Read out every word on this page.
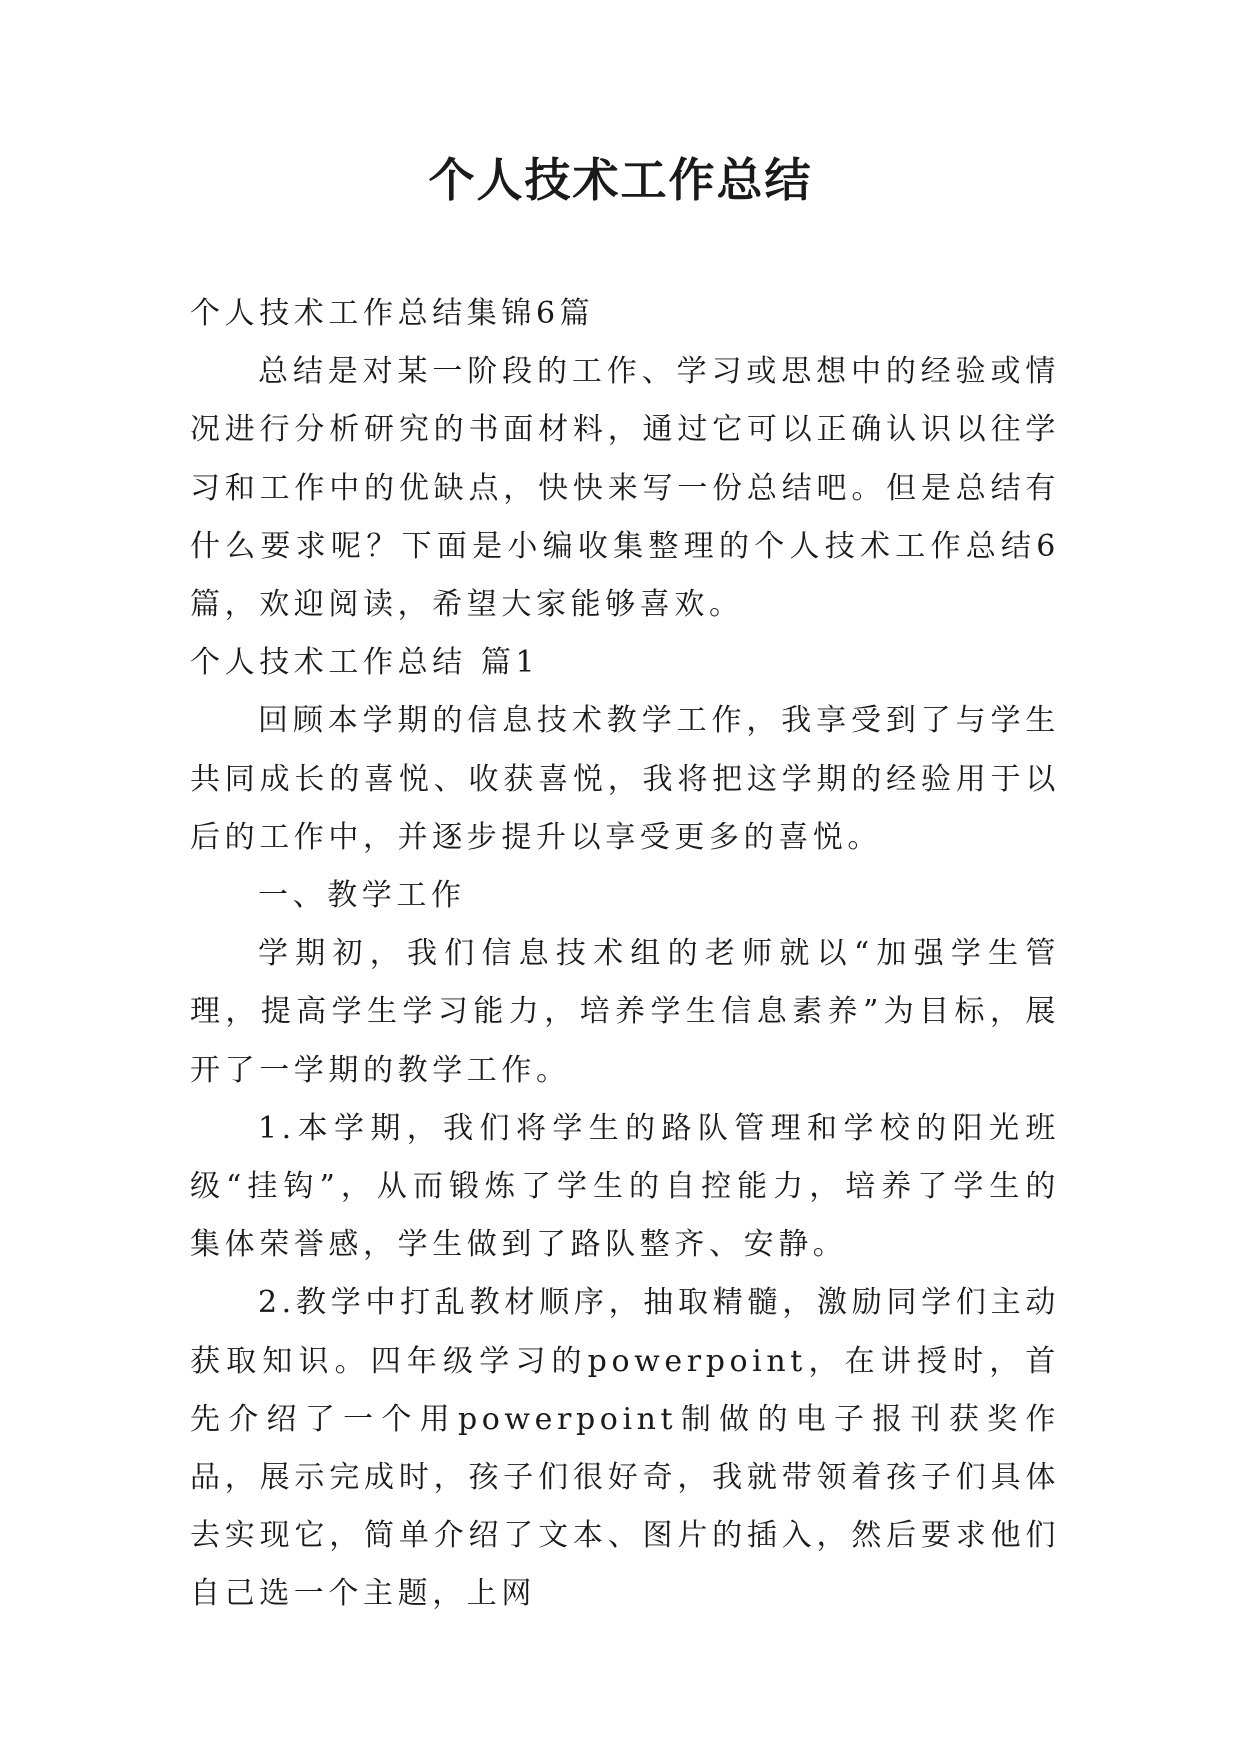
个人技术工作总结

个人技术工作总结集锦6篇

总结是对某一阶段的工作、学习或思想中的经验或情况进行分析研究的书面材料，通过它可以正确认识以往学习和工作中的优缺点，快快来写一份总结吧。但是总结有什么要求呢？下面是小编收集整理的个人技术工作总结6篇，欢迎阅读，希望大家能够喜欢。

个人技术工作总结 篇1

回顾本学期的信息技术教学工作，我享受到了与学生共同成长的喜悦、收获喜悦，我将把这学期的经验用于以后的工作中，并逐步提升以享受更多的喜悦。

一、教学工作

学期初，我们信息技术组的老师就以“加强学生管理，提高学生学习能力，培养学生信息素养”为目标，展开了一学期的教学工作。

1.本学期，我们将学生的路队管理和学校的阳光班级“挂钩”，从而锻炼了学生的自控能力，培养了学生的集体荣誉感，学生做到了路队整齐、安静。

2.教学中打乱教材顺序，抽取精髓，激励同学们主动获取知识。四年级学习的powerpoint，在讲授时，首先介绍了一个用powerpoint制做的电子报刊获奖作品，展示完成时，孩子们很好奇，我就带领着孩子们具体去实现它，简单介绍了文本、图片的插入，然后要求他们自己选一个主题，上网
